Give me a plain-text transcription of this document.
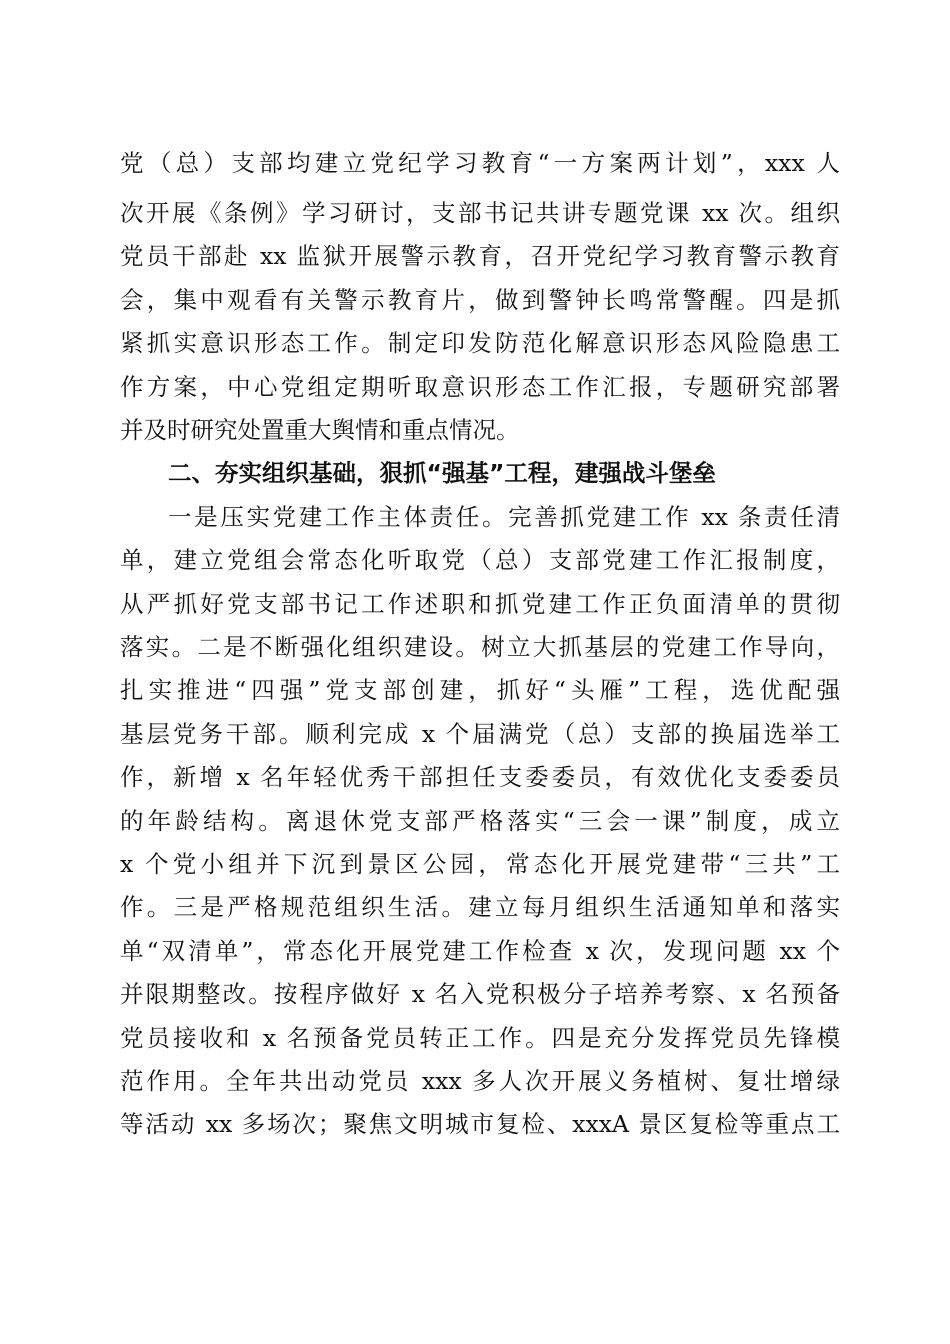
党（总）支部均建立党纪学习教育“一方案两计划”，xxx 人
次开展《条例》学习研讨，支部书记共讲专题党课 xx 次。组织
党员干部赴 xx 监狱开展警示教育，召开党纪学习教育警示教育
会，集中观看有关警示教育片，做到警钟长鸣常警醒。四是抓
紧抓实意识形态工作。制定印发防范化解意识形态风险隐患工
作方案，中心党组定期听取意识形态工作汇报，专题研究部署
并及时研究处置重大舆情和重点情况。
二、夯实组织基础，狠抓“强基”工程，建强战斗堡垒
一是压实党建工作主体责任。完善抓党建工作 xx 条责任清
单，建立党组会常态化听取党（总）支部党建工作汇报制度，
从严抓好党支部书记工作述职和抓党建工作正负面清单的贯彻
落实。二是不断强化组织建设。树立大抓基层的党建工作导向，
扎实推进“四强”党支部创建，抓好“头雁”工程，选优配强
基层党务干部。顺利完成 x 个届满党（总）支部的换届选举工
作，新增 x 名年轻优秀干部担任支委委员，有效优化支委委员
的年龄结构。离退休党支部严格落实“三会一课”制度，成立
x 个党小组并下沉到景区公园，常态化开展党建带“三共”工
作。三是严格规范组织生活。建立每月组织生活通知单和落实
单“双清单”，常态化开展党建工作检查 x 次，发现问题 xx 个
并限期整改。按程序做好 x 名入党积极分子培养考察、x 名预备
党员接收和 x 名预备党员转正工作。四是充分发挥党员先锋模
范作用。全年共出动党员 xxx 多人次开展义务植树、复壮增绿
等活动 xx 多场次；聚焦文明城市复检、xxxA 景区复检等重点工
